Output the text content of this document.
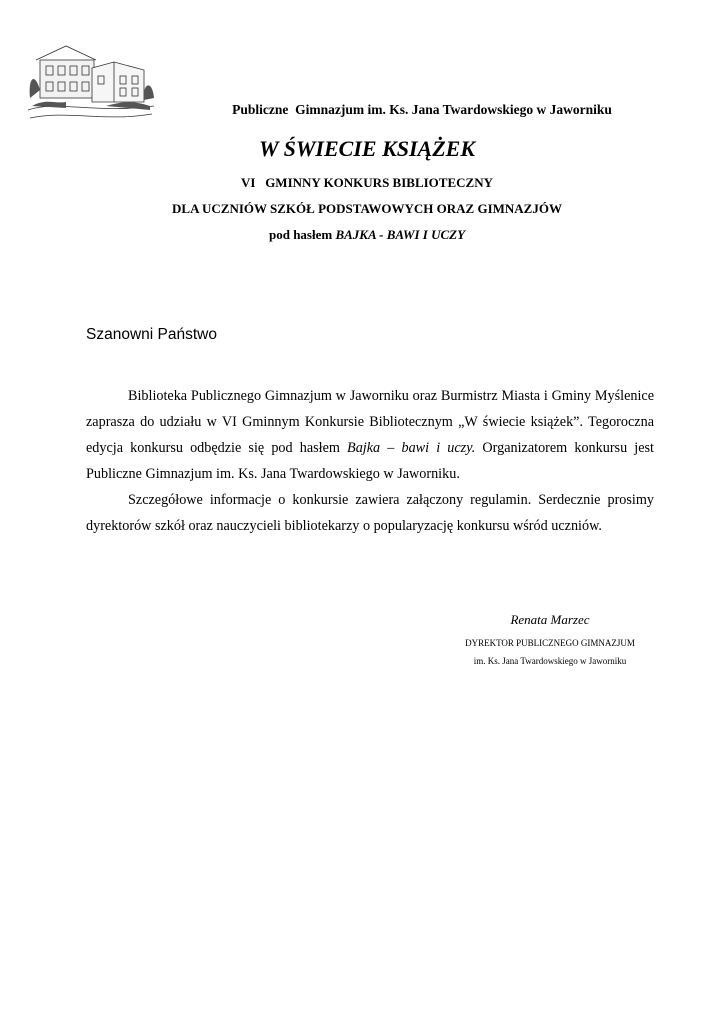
Publiczne  Gimnazjum im. Ks. Jana Twardowskiego w Jaworniku
W ŚWIECIE KSIĄŻEK
VI   GMINNY KONKURS BIBLIOTECZNY
DLA UCZNIÓW SZKÓŁ PODSTAWOWYCH ORAZ GIMNAZJÓW
pod hasłem BAJKA - BAWI I UCZY
Szanowni Państwo

Biblioteka Publicznego Gimnazjum w Jaworniku oraz Burmistrz Miasta i Gminy Myślenice zaprasza do udziału w VI Gminnym Konkursie Bibliotecznym „W świecie książek”. Tegoroczna edycja konkursu odbędzie się pod hasłem Bajka – bawi i uczy. Organizatorem konkursu jest Publiczne Gimnazjum im. Ks. Jana Twardowskiego w Jaworniku.

Szczegółowe informacje o konkursie zawiera załączony regulamin. Serdecznie prosimy dyrektorów szkół oraz nauczycieli bibliotekarzy o popularyzację konkursu wśród uczniów.

Renata Marzec
DYREKTOR PUBLICZNEGO GIMNAZJUM
im. Ks. Jana Twardowskiego w Jaworniku
